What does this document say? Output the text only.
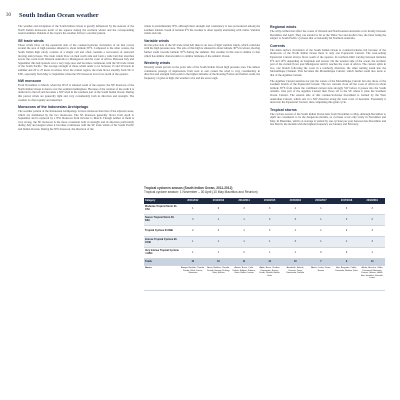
30 South Indian Ocean weather

The weather and navigation of the South Indian Ocean is greatly influenced by the seasons of the North Indian monsoons north of the equator during the northern winter and the corresponding austral summer. Outside of the tropics the weather follows a normal pattern.

SE trade winds

These winds blow on the equatorial side of the counterclockwise circulation of air that occurs around the area of high pressure situated to about latitude 30°S. Compared to the other oceans, the South Indian high rarely consists of a single cell and often contains a succession of eastward moving anticyclones. The trade winds blow on their north side and form a wide belt that stretches across the ocean from Western Australia to Madagascar and the coast of Africa. Between July and September this belt spreads over a very large area and becomes continuous with the SE trade winds of the South Pacific. The average strength of these winds tends to be between 15 and 20 knots in summer and 20 to 25 knots in winter. Over the central region, the trade blows steadily from SE or ESE, especially from May to September when the SW monsoon is in force north of the equator.

NW monsoon

From November to March, when the ITCZ is situated south of the equator, the NE monsoon of the North Indian Ocean is drawn over the southern hemisphere. Because of the rotation of the earth it is deflected to the left and becomes a NW wind in the southern part of the South Indian Ocean. During this period winds are generally light and vary considerably both in direction and strength. The weather is often squally and unsettled.

Monsoons of the Indonesian Archipelago

The weather pattern of the Indonesian Archipelago is more monsoon than that of the adjacent areas, which are dominated by the two monsoons. The SE monsoon generally blows from April to September and is replaced by a NW monsoon from October to March. Though neither of them is very strong, the SE monsoon is the more consistent both in strength and in direction particularly during July and August when it becomes continuous with the SE trade winds of the South Pacific and Indian Oceans. During the NW monsoon, the direction of the

winds is predominantly NW, although their strength and consistency is less pronounced among the southern islands. South of latitude 6°S the weather is often squally alternating with calms. Variable winds and rain.

Variable winds

On the polar side of the SE trade wind belt there is an area of light variable winds, which coincides with the high pressure area. The axis of this high is situated in about latitude 30°S in winter, moving further south towards latitude 35°S during the summer. The weather in this area is similar to that which has similar characteristics to similar latitudes of the Atlantic Ocean.

Westerly winds

Westerly winds prevail on the polar side of the South Indian Ocean high pressure area. The almost continuous passage of depressions from west to east causes the wind to vary considerably in direction and strength from south to the higher latitudes of the Roaring Forties and further south, the frequency of gales is high, the weather cold, and the seas rough.

Regional winds

The willy-willies that affect the coasts of Western and Northwestern Australia occur mostly between December and April. They can extend as far as the Timor Sea and Arafura Sea, the latter being the subject to South Pacific cyclones that occasionally hit Northern Australia.

Currents

The main surface circulation of the South Indian Ocean is counterclockwise but because of the monsoons of the North Indian Ocean there is only one Equatorial Current. The west-setting Equatorial Current always flows south of the equator, its northern limit varying between latitudes 6°S and 10°S depending on longitude and season. On the western side of the ocean, the northern part of the current flows past Madagascar until it reaches the coast of Africa. The current splits in two, one branch following the coast in a northerly direction, the other turning south into the Mozambique Channel. This becomes the Mozambique Current, which further south also turns to that of the Agulhas Current.

The Agulhas Current sustains not just the waters of the Mozambique Current but also those of the southern branch of the Equatorial Current. The two currents close off the coast of Africa in about latitude 30°S from where the combined current runs strongly SW before it passes into the South Atlantic. One part of the Agulhas Current then flows off to the SE where it joins the Southern Ocean Current. The eastern side of this counterclockwise movement is formed by the West Australian Current, which sets in a NW direction along the west coast of Australia. Eventually it turns into the Equatorial Current, thus completing this giant cycle.

Tropical storms

The cyclone season of the South Indian Ocean lasts from November to May, although December to April are considered to be the dangerous months, as cyclones occur only rarely in November and May. In Mauritius, which on average is visited by one cyclone per year between late December and late March, the months with the highest frequency are January and February.

Tropical cyclones season (South Indian Ocean, 2011-2012)
Tropical cyclone season: 1 November – 30 April (10 May Mauritius and Reunion)
Category	2011/2012	2012/2013	2013/2014	2014/2015	2015/2016	2016/2017	2017/2018	2018/2019
Moderate Tropical Storm 34-47kt	1	6	3	3	1	1	3	3
Severe Tropical Storm 48-63kt	3	1	1	3	3	1	3	2
Tropical Cyclone 64-89kt	2	3	1	3	1	1	2	3
Intense Tropical Cyclone 90-115kt	1	1	1	1	3	1	1	3
Very Intense Tropical Cyclone >115kt	1	1	2	1	1	0	0	1
Totals	10	10	11	14	10	7	9	14
Names	Alenga, Benilde, Chanda, Dando, Ethel, Funso, Giovanna	Anais, Boldwin, Claudia, Dumile, Emang, Felleng, Gino, Haruna	Amara, Bruce, Colin, Deliwe, Edilson, Fobane, Guito, Hellen, Ivanoe	Adjali, Bansi, Chedza, Diamondra, Eunice, Fundi, Glenda, Haliba, Ikola	Annabelle, Bohale, Corentin, Daya, Emeraude, Fantala	Abela, Carlos, Dineo, Enawo	Ava, Berguitta, Cebile, Dumazile, Eliakim, Fakir	Alcide, Bouchra, Cilida, Desmond, Eketsang, Funani, Gelena, Haleh, Idai, Joaninha, Kenneth, Lorna
